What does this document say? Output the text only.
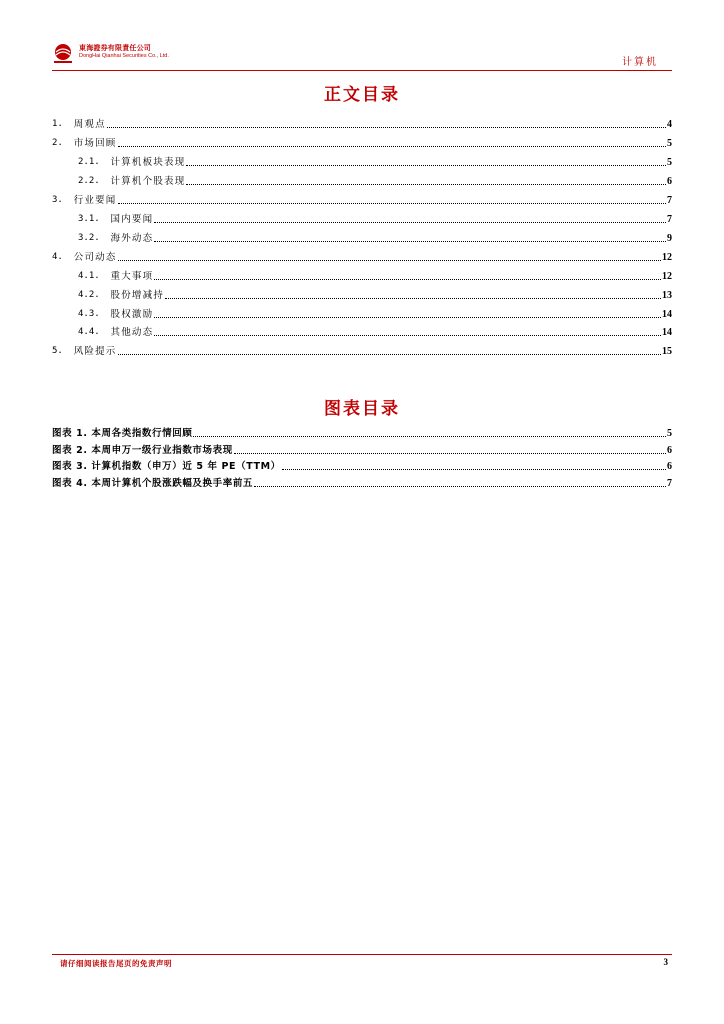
東海證券有限責任公司
DongHai Qianhai Securities Co., Ltd.
计算机
正文目录
1. 周观点	4
2. 市场回顾	5
2.1. 计算机板块表现	5
2.2. 计算机个股表现	6
3. 行业要闻	7
3.1. 国内要闻	7
3.2. 海外动态	9
4. 公司动态	12
4.1. 重大事项	12
4.2. 股份增减持	13
4.3. 股权激励	14
4.4. 其他动态	14
5. 风险提示	15
图表目录
图表 1. 本周各类指数行情回顾	5
图表 2. 本周申万一级行业指数市场表现	6
图表 3. 计算机指数（申万）近 5 年 PE（TTM）	6
图表 4. 本周计算机个股涨跌幅及换手率前五	7
请仔细阅读报告尾页的免责声明	3
